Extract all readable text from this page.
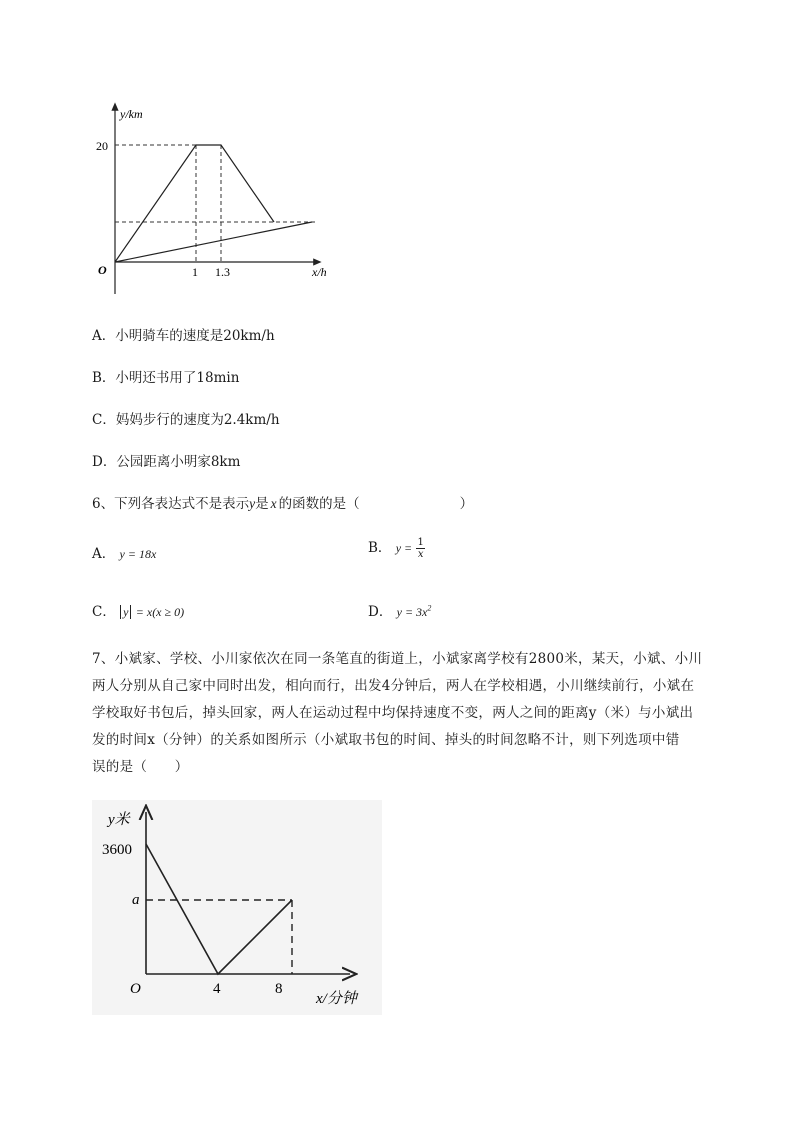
y/km
x/h
O
20
1 1.3
A．小明骑车的速度是20km/h
B．小明还书用了18min
C．妈妈步行的速度为2.4km/h
D．公园距离小明家8km
6、下列各表达式不是表示y是 x 的函数的是（	）
A． y = 18x	B． $y = \frac{1}{x}$
C． y = x(x ≥ 0)	D． $y = 3x^2$
7、小斌家、学校、小川家依次在同一条笔直的街道上，小斌家离学校有2800米，某天，小斌、小川
两人分别从自己家中同时出发，相向而行，出发4分钟后，两人在学校相遇，小川继续前行，小斌在
学校取好书包后，掉头回家，两人在运动过程中均保持速度不变，两人之间的距离y（米）与小斌出
发的时间x（分钟）的关系如图所示（小斌取书包的时间、掉头的时间忽略不计，则下列选项中错
误的是（　　）
y米
x/分钟
O
3600
a
4	8
